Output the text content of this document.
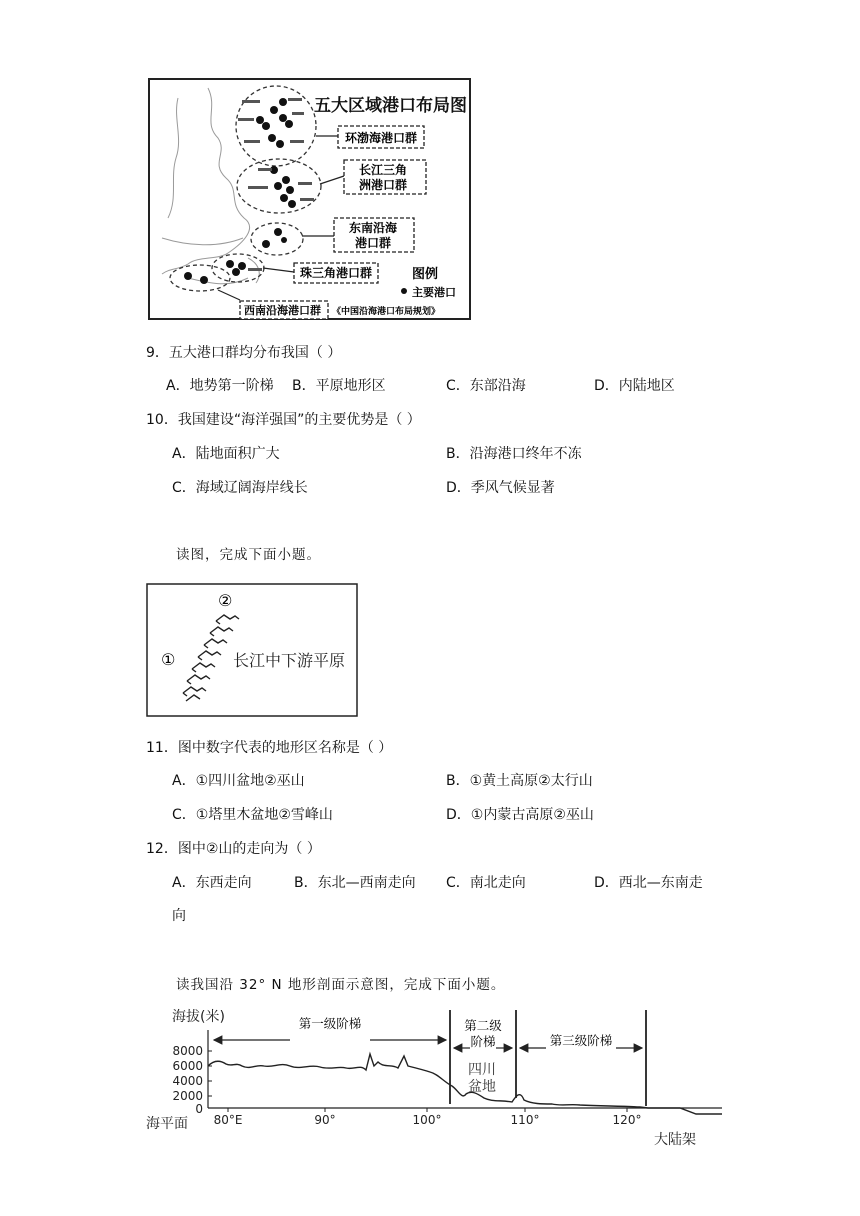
五大区域港口布局图
环渤海港口群
长江三角
洲港口群
东南沿海
港口群
珠三角港口群
西南沿海港口群
图例
主要港口
《中国沿海港口布局规划》
9．五大港口群均分布我国（ ）
A．地势第一阶梯 B．平原地形区	C．东部沿海	D．内陆地区
10．我国建设“海洋强国”的主要优势是（ ）
A．陆地面积广大	B．沿海港口终年不冻
C．海域辽阔海岸线长	D．季风气候显著
读图，完成下面小题。
②
①	长江中下游平原
11．图中数字代表的地形区名称是（ ）
A．①四川盆地②巫山	B．①黄土高原②太行山
C．①塔里木盆地②雪峰山	D．①内蒙古高原②巫山
12．图中②山的走向为（ ）
A．东西走向	B．东北—西南走向 C．南北走向	D．西北—东南走
向
读我国沿 32° N 地形剖面示意图，完成下面小题。
海拔(米)
8000
6000
4000
2000
0
80°E	90°	100°	110°	120°
第一级阶梯	第二级
阶梯	第三级阶梯
四川
盆地
海平面
大陆架
